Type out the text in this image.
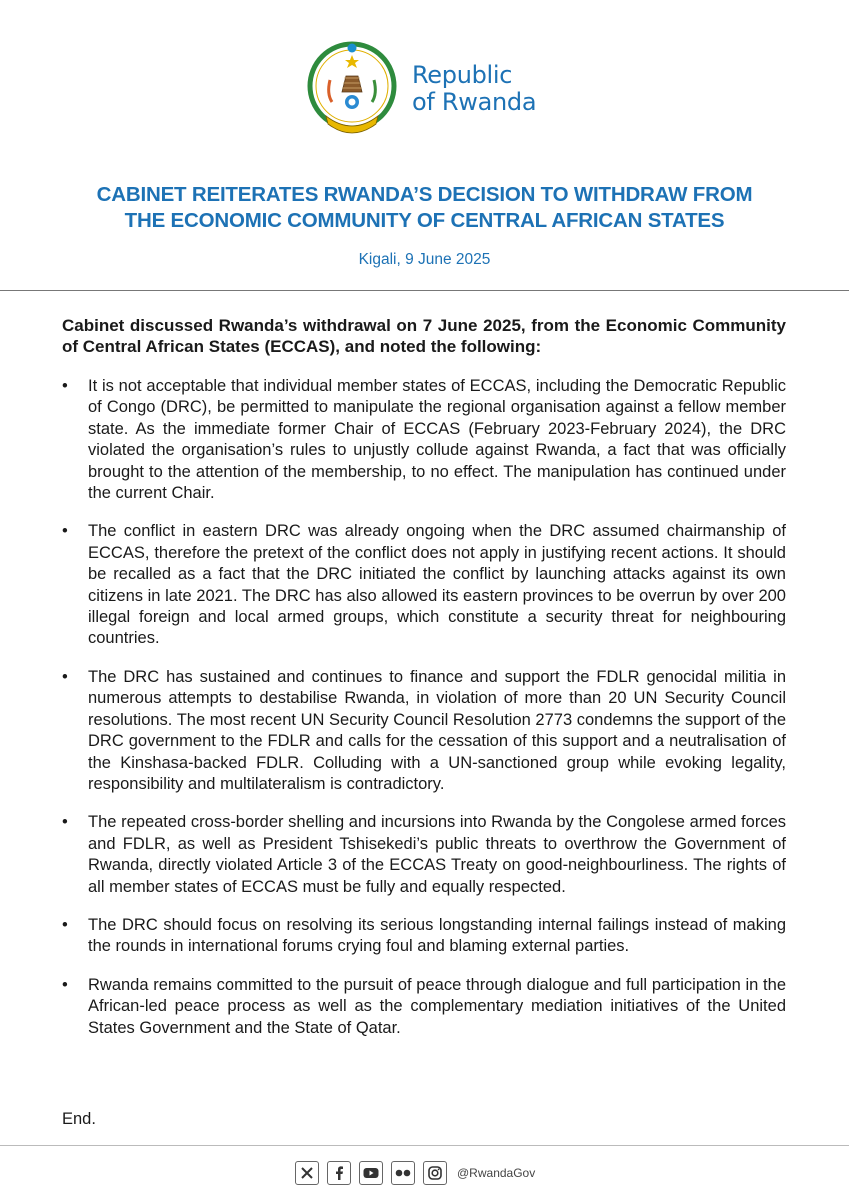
Republic
of Rwanda
CABINET REITERATES RWANDA’S DECISION TO WITHDRAW FROM
THE ECONOMIC COMMUNITY OF CENTRAL AFRICAN STATES
Kigali, 9 June 2025
Cabinet discussed Rwanda’s withdrawal on 7 June 2025, from the Economic Community of Central African States (ECCAS), and noted the following:
• It is not acceptable that individual member states of ECCAS, including the Democratic Republic of Congo (DRC), be permitted to manipulate the regional organisation against a fellow member state. As the immediate former Chair of ECCAS (February 2023-February 2024), the DRC violated the organisation’s rules to unjustly collude against Rwanda, a fact that was officially brought to the attention of the membership, to no effect. The manipulation has continued under the current Chair.
• The conflict in eastern DRC was already ongoing when the DRC assumed chairmanship of ECCAS, therefore the pretext of the conflict does not apply in justifying recent actions. It should be recalled as a fact that the DRC initiated the conflict by launching attacks against its own citizens in late 2021. The DRC has also allowed its eastern provinces to be overrun by over 200 illegal foreign and local armed groups, which constitute a security threat for neighbouring countries.
• The DRC has sustained and continues to finance and support the FDLR genocidal militia in numerous attempts to destabilise Rwanda, in violation of more than 20 UN Security Council resolutions. The most recent UN Security Council Resolution 2773 condemns the support of the DRC government to the FDLR and calls for the cessation of this support and a neutralisation of the Kinshasa-backed FDLR. Colluding with a UN-sanctioned group while evoking legality, responsibility and multilateralism is contradictory.
• The repeated cross-border shelling and incursions into Rwanda by the Congolese armed forces and FDLR, as well as President Tshisekedi’s public threats to overthrow the Government of Rwanda, directly violated Article 3 of the ECCAS Treaty on good-neighbourliness. The rights of all member states of ECCAS must be fully and equally respected.
• The DRC should focus on resolving its serious longstanding internal failings instead of making the rounds in international forums crying foul and blaming external parties.
• Rwanda remains committed to the pursuit of peace through dialogue and full participation in the African-led peace process as well as the complementary mediation initiatives of the United States Government and the State of Qatar.
End.
@RwandaGov
